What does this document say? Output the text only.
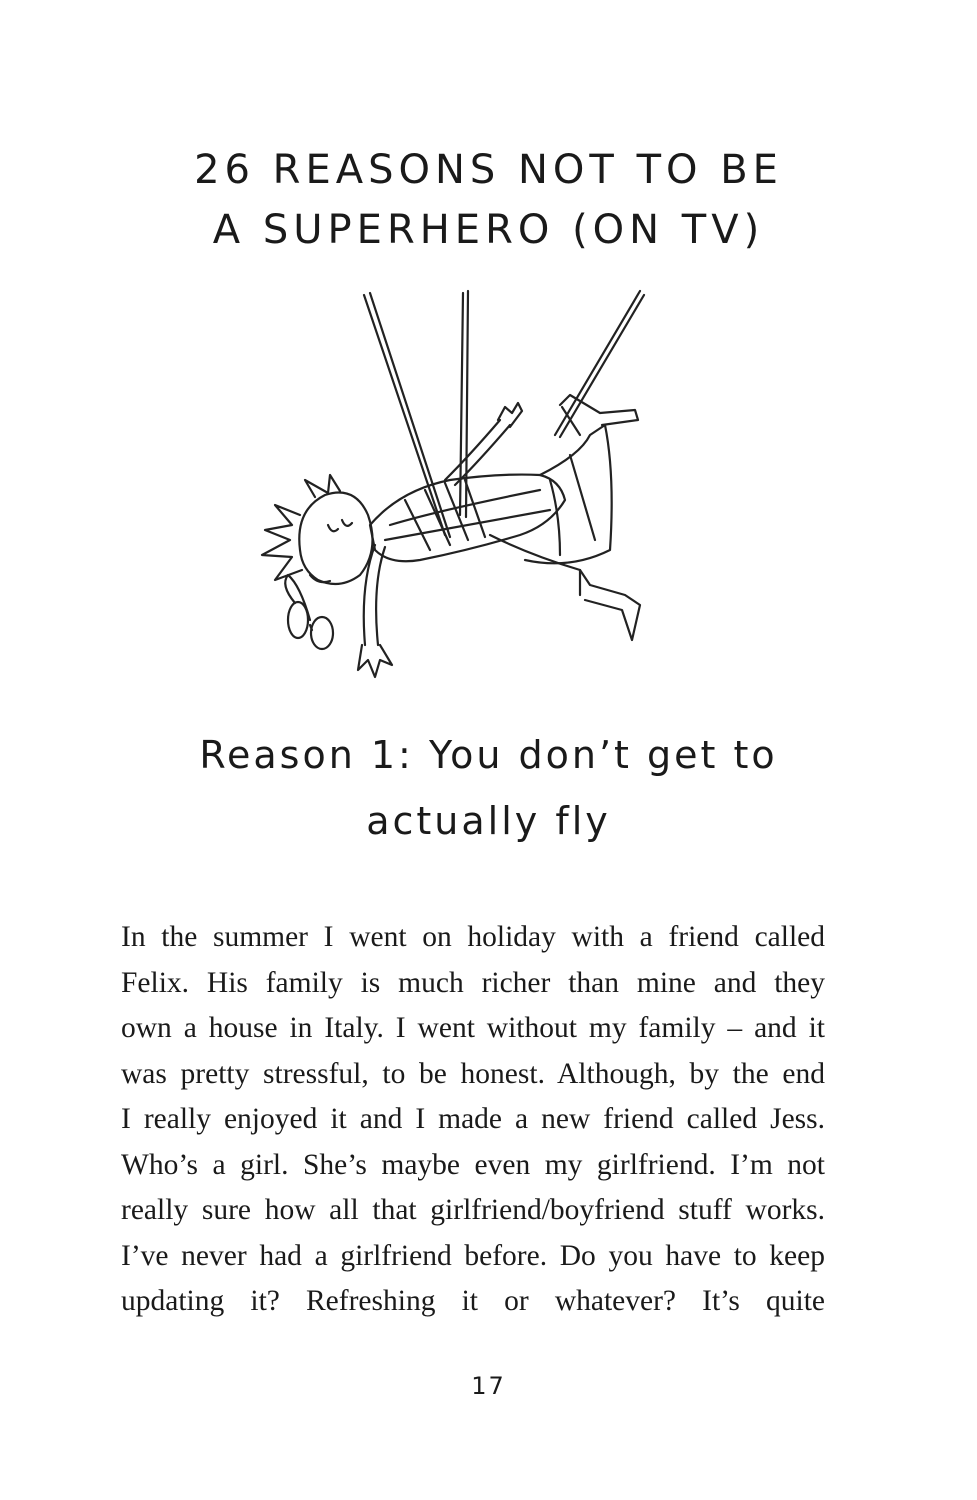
26 REASONS NOT TO BE
A SUPERHERO (ON TV)
Reason 1: You don’t get to
actually fly
In the summer I went on holiday with a friend called
Felix. His family is much richer than mine and they
own a house in Italy. I went without my family – and it
was pretty stressful, to be honest. Although, by the end
I really enjoyed it and I made a new friend called Jess.
Who’s a girl. She’s maybe even my girlfriend. I’m not
really sure how all that girlfriend/boyfriend stuff works.
I’ve never had a girlfriend before. Do you have to keep
updating it? Refreshing it or whatever? It’s quite
17
